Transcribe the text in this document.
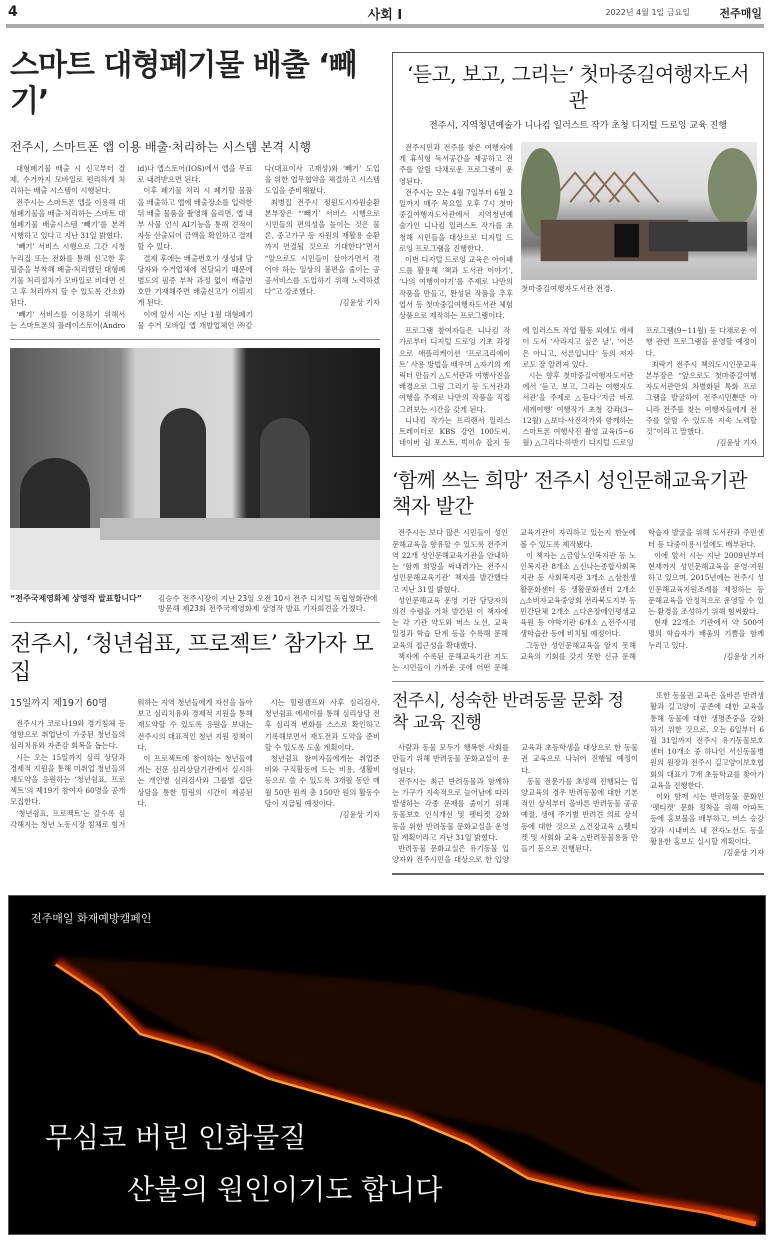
4	사회 I	2022년 4월 1일 금요일	전주매일
스마트 대형폐기물 배출 ‘빼기’
전주시, 스마트폰 앱 이용 배출·처리하는 시스템 본격 시행

대형폐기물 배출 시 신고부터 결제, 수거까지 모바일로 편리하게 처리하는 배출 시스템이 시행된다.

전주시는 스마트폰 앱을 이용해 대형폐기물을 배출·처리하는 스마트 대형폐기물 배출시스템 ‘빼기’를 본격 시행하고 있다고 지난 31일 밝혔다.

‘빼기’ 서비스 시행으로 그간 시청 누리집 또는 전화를 통해 신고한 후 필증을 부착해 배출·처리했던 대형폐기물 처리절차가 모바일로 비대면 신고 후 처리까지 할 수 있도록 간소화된다.

‘빼기’ 서비스를 이용하기 위해서는 스마트폰의 플레이스토어(Android)나 앱스토어(IOS)에서 앱을 무료로 내려받으면 된다.

이후 폐기물 처리 시 폐기할 물품을 배출하고 앱에 배출장소를 입력한 뒤 배출 물품을 촬영해 올리면, 앱 내부 사물 인식 AI기능을 통해 견적이 자동 산출되어 금액을 확인하고 결제할 수 있다.

결제 후에는 배출번호가 생성돼 담당자와 수거업체에 전달되기 때문에 별도의 필증 부착 과정 없이 배출번호만 기재해주면 배출신고가 이뤄지게 된다.

이에 앞서 시는 지난 1월 대형폐기물 수거 모바일 앱 개발업체인 ㈜같다(대표이사 고재성)와 ‘빼기’ 도입을 위한 업무협약을 체결하고 시스템 도입을 준비해왔다.

최병집 전주시 정원도시자원순환본부장은 “‘빼기’ 서비스 시행으로 시민들의 편의성을 높이는 것은 물론, 중고가구 등 자원의 재활용 순환까지 연결될 것으로 기대한다”면서 “앞으로도 시민들이 살아가면서 겪어야 하는 일상의 불편을 줄이는 공공서비스를 도입하기 위해 노력하겠다”고 강조했다.

/김윤상 기자

“전주국제영화제 상영작 발표합니다”	김승수 전주시장이 지난 23일 오전 10시 전주 디지털 독립영화관에 방문해 제23회 전주국제영화제 상영작 발표 기자회견을 가졌다.
전주시, ‘청년쉼표, 프로젝트’ 참가자 모집
15일까지 제19기 60명

전주시가 코로나19와 경기침체 등 영향으로 취업난이 가중된 청년들의 심리치유와 자존감 회복을 돕는다.

시는 오는 15일까지 심리 상담과 경제적 지원을 통해 미취업 청년들의 재도약을 응원하는 ‘청년쉼표, 프로젝트’의 제19기 참여자 60명을 공개 모집한다.

‘청년쉼표, 프로젝트’는 갈수록 심각해지는 청년 노동시장 침체로 힘겨워하는 지역 청년들에게 자신을 돌아보고 심리치유와 경제적 지원을 통해 재도약할 수 있도록 응원을 보내는 전주시의 대표적인 청년 지원 정책이다.

이 프로젝트에 참여하는 청년들에게는 전문 심리상담기관에서 실시하는 개인별 심리검사와 그룹별 집단 상담을 통한 힐링의 시간이 제공된다.

시는 힐링캠프와 사후 심리검사, 청년쉼표 에세이를 통해 심리상담 전후 심리적 변화를 스스로 확인하고 기록해보면서 재도전과 도약을 준비할 수 있도록 도울 계획이다.

청년쉼표 참여자들에게는 취업준비와 구직활동에 드는 비용, 생활비 등으로 쓸 수 있도록 3개월 동안 매월 50만 원씩 총 150만 원의 활동수당이 지급될 예정이다.

/김윤상 기자

‘듣고, 보고, 그리는’ 첫마중길여행자도서관
전주시, 지역청년예술가 니나킴 일러스트 작가 초청 디지털 드로잉 교육 진행

전주시민과 전주를 찾은 여행자에게 휴식형 독서공간을 제공하고 전주를 알릴 다채로운 프로그램이 운영된다.

전주시는 오는 4월 7일부터 6월 2일까지 매주 목요일 오후 7시 첫마중길여행자도서관에서 지역청년예술가인 니나킴 일러스트 작가를 초청해 시민들을 대상으로 디지털 드로잉 프로그램을 진행한다.

이번 디지털 드로잉 교육은 아이패드를 활용해 ‘책과 도서관 이야기’, ‘나의 여행이야기’를 주제로 나만의 작품을 만들고, 완성된 작품을 추후 엽서 등 첫마중길여행자도서관 체험상품으로 제작하는 프로그램이다.

첫마중길여행자도서관 전경.

프로그램 참여자들은 니나킴 작가로부터 디지털 드로잉 기초 과정으로 애플리케이션 ‘프로크리에이트’ 사용 방법을 배우며 △자기의 캐릭터 만들기 △도서관과 여행사진을 배경으로 그림 그리기 등 도서관과 여행을 주제로 나만의 작품을 직접 그려보는 시간을 갖게 된다.

니나킴 작가는 프리랜서 일러스트레이터로 KBS 강연 100도씨, 네이버 쉼 포스트, 빅이슈 잡지 등에 일러스트 작업 활동 외에도 에세이 도서 ‘사라지고 싶은 날’, ‘어른은 아니고, 서른입니다’ 등의 저자로도 잘 알려져 있다.

시는 향후 첫마중길여행자도서관에서 ‘듣고, 보고, 그리는 여행자도서관’을 주제로 △듣다-‘지금 바로 세계여행’ 여행작가 초청 강좌(3~12월) △보다-사진작가와 함께하는 스마트폰 여행사진 촬영 교육(5~6월) △그리다-하반기 디지털 드로잉 프로그램(9~11월) 등 다채로운 여행 관련 프로그램을 운영할 예정이다.

최락기 전주시 책의도시인문교육본부장은 “앞으로도 첫마중길여행자도서관만의 차별화된 특화 프로그램을 발굴하여 전주시민뿐만 아니라 전주를 찾는 여행자들에게 전주를 알릴 수 있도록 지속 노력할 것”이라고 말했다.

/김윤상 기자

‘함께 쓰는 희망’ 전주시 성인문해교육기관 책자 발간

전주시는 보다 많은 시민들이 성인문해교육을 향유할 수 있도록 전주지역 22개 성인문해교육기관을 안내하는 ‘함께 희망을 써내려가는 전주시 성인문해교육기관’ 책자를 발간했다고 지난 31일 밝혔다.

성인문해교육 운영 기관 담당자의 의견 수렴을 거쳐 발간된 이 책자에는 각 기관 약도와 버스 노선, 교육 일정과 학습 단계 등을 수록해 문해교육의 접근성을 확대했다.

책자에 수록된 문해교육기관 지도는 시민들이 가까운 곳에 어떤 문해교육기관이 자리하고 있는지 한눈에 볼 수 있도록 제작됐다.

이 책자는 △금암노인복지관 등 노인복지관 8개소 △신나는종합사회복지관 등 사회복지관 3개소 △삼천생활문화센터 등 생활문화센터 2개소 △소비자교육중앙회 전라북도지부 등 민간단체 2개소 △다온장애인평생교육원 등 야학기관 6개소 △전주시평생학습관 등에 비치될 예정이다.

그동안 성인문해교육을 알지 못해 교육의 기회를 갖지 못한 신규 문해학습자 발굴을 위해 도서관과 주민센터 등 다중이용시설에도 배부된다.

이에 앞서 시는 지난 2009년부터 현재까지 성인문해교육을 운영·지원하고 있으며, 2015년에는 전주시 성인문해교육지원조례를 제정하는 등 문해교육을 안정적으로 운영할 수 있는 환경을 조성하기 위해 힘써왔다.

현재 22개소 기관에서 약 500여 명의 학습자가 배움의 기쁨을 함께 누리고 있다.

/김윤상 기자

전주시, 성숙한 반려동물 문화 정착 교육 진행

사람과 동물 모두가 행복한 사회를 만들기 위해 반려동물 문화교실이 운영된다.

전주시는 최근 반려동물과 함께하는 가구가 지속적으로 늘어남에 따라 발생하는 각종 문제를 줄이기 위해 동물보호 인식개선 및 펫티켓 강화 등을 위한 반려동물 문화교실을 운영할 계획이라고 지난 31일 밝혔다.

반려동물 문화교실은 유기동물 입양자와 전주시민을 대상으로 한 입양교육과 초등학생을 대상으로 한 동물권 교육으로 나뉘어 진행될 예정이다.

동물 전문가를 초빙해 진행되는 입양교육의 경우 반려동물에 대한 기본적인 상식부터 올바른 반려동물 공공예절, 생애 주기별 반려견 의료 상식 등에 대한 것으로 △건강교육 △펫티켓 및 사회화 교육 △반려동물용품 만들기 등으로 진행된다.

또한 동물권 교육은 올바른 반려생활과 길고양이 공존에 대한 교육을 통해 동물에 대한 생명존중을 강화하기 위한 것으로, 오는 6일부터 6월 31일까지 전주시 유기동물보호센터 10개소 중 하나인 서신동물병원의 원장과 전주시 길고양이보호협회의 대표가 7개 초등학교를 찾아가 교육을 진행한다.

이와 함께 시는 반려동물 문화인 ‘펫티켓’ 문화 정착을 위해 아파트 등에 홍보물을 배부하고, 버스 승강장과 시내버스 내 전자노선도 등을 활용한 홍보도 실시할 계획이다.

/김윤상 기자

전주매일 화재예방캠페인
무심코 버린 인화물질
산불의 원인이기도 합니다
